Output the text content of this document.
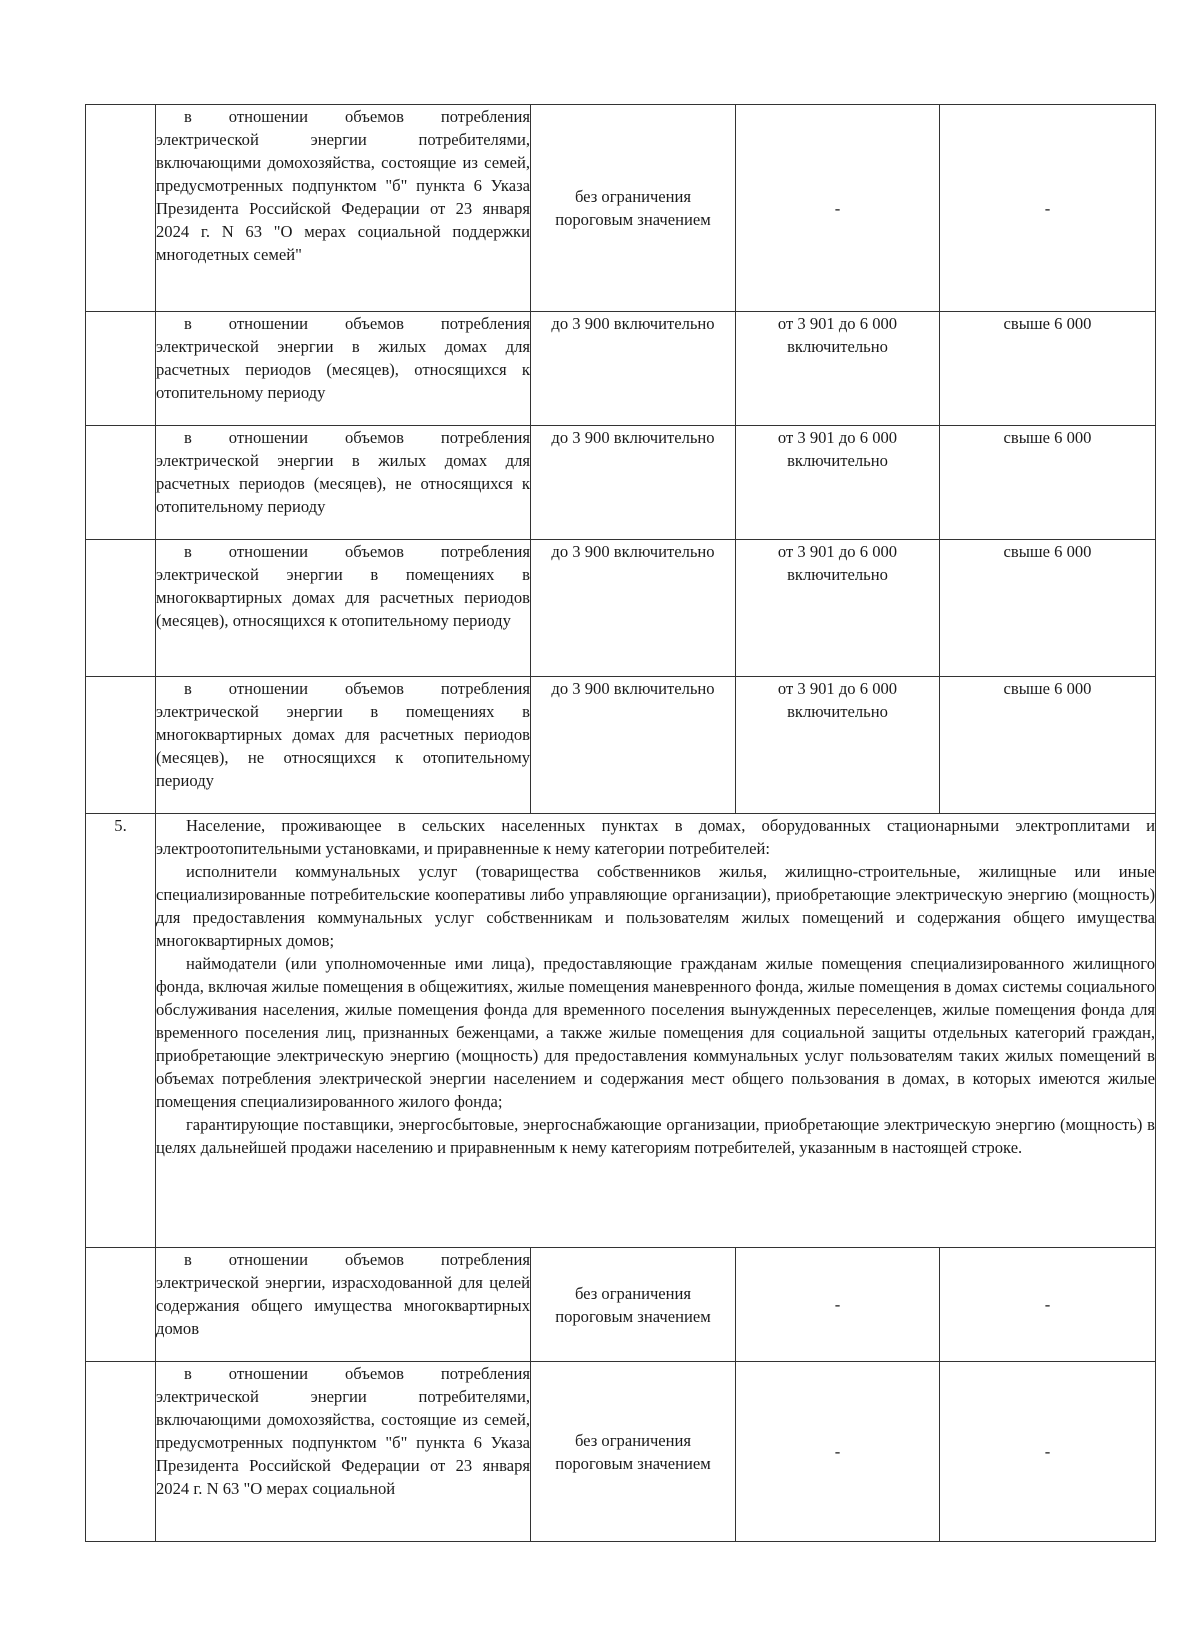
	в отношении объемов потребления электрической энергии потребителями, включающими домохозяйства, состоящие из семей, предусмотренных подпунктом "б" пункта 6 Указа Президента Российской Федерации от 23 января 2024 г. N 63 "О мерах социальной поддержки многодетных семей"	без ограничения пороговым значением	-	-

	в отношении объемов потребления электрической энергии в жилых домах для расчетных периодов (месяцев), относящихся к отопительному периоду	до 3 900 включительно	от 3 901 до 6 000 включительно	свыше 6 000
	в отношении объемов потребления электрической энергии в жилых домах для расчетных периодов (месяцев), не относящихся к отопительному периоду	до 3 900 включительно	от 3 901 до 6 000 включительно	свыше 6 000
	в отношении объемов потребления электрической энергии в помещениях в многоквартирных домах для расчетных периодов (месяцев), относящихся к отопительному периоду	до 3 900 включительно	от 3 901 до 6 000 включительно	свыше 6 000
	в отношении объемов потребления электрической энергии в помещениях в многоквартирных домах для расчетных периодов (месяцев), не относящихся к отопительному периоду	до 3 900 включительно	от 3 901 до 6 000 включительно	свыше 6 000
5.	Население, проживающее в сельских населенных пунктах в домах, оборудованных стационарными электроплитами и электроотопительными установками, и приравненные к нему категории потребителей:

исполнители коммунальных услуг (товарищества собственников жилья, жилищно-строительные, жилищные или иные специализированные потребительские кооперативы либо управляющие организации), приобретающие электрическую энергию (мощность) для предоставления коммунальных услуг собственникам и пользователям жилых помещений и содержания общего имущества многоквартирных домов;

наймодатели (или уполномоченные ими лица), предоставляющие гражданам жилые помещения специализированного жилищного фонда, включая жилые помещения в общежитиях, жилые помещения маневренного фонда, жилые помещения в домах системы социального обслуживания населения, жилые помещения фонда для временного поселения вынужденных переселенцев, жилые помещения фонда для временного поселения лиц, признанных беженцами, а также жилые помещения для социальной защиты отдельных категорий граждан, приобретающие электрическую энергию (мощность) для предоставления коммунальных услуг пользователям таких жилых помещений в объемах потребления электрической энергии населением и содержания мест общего пользования в домах, в которых имеются жилые помещения специализированного жилого фонда;

гарантирующие поставщики, энергосбытовые, энергоснабжающие организации, приобретающие электрическую энергию (мощность) в целях дальнейшей продажи населению и приравненным к нему категориям потребителей, указанным в настоящей строке.			

	в отношении объемов потребления электрической энергии, израсходованной для целей содержания общего имущества многоквартирных домов	без ограничения пороговым значением	-	-

	в отношении объемов потребления электрической энергии потребителями, включающими домохозяйства, состоящие из семей, предусмотренных подпунктом "б" пункта 6 Указа Президента Российской Федерации от 23 января 2024 г. N 63 "О мерах социальной	без ограничения пороговым значением	-	-
